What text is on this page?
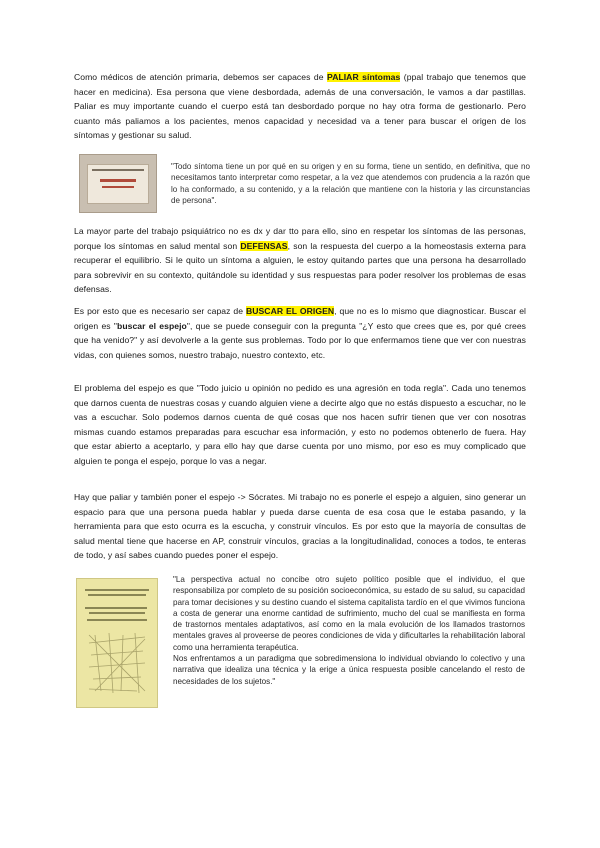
Como médicos de atención primaria, debemos ser capaces de PALIAR síntomas (ppal trabajo que tenemos que hacer en medicina). Esa persona que viene desbordada, además de una conversación, le vamos a dar pastillas. Paliar es muy importante cuando el cuerpo está tan desbordado porque no hay otra forma de gestionarlo. Pero cuanto más paliamos a los pacientes, menos capacidad y necesidad va a tener para buscar el origen de los síntomas y gestionar su salud.
"Todo síntoma tiene un por qué en su origen y en su forma, tiene un sentido, en definitiva, que no necesitamos tanto interpretar como respetar, a la vez que atendemos con prudencia a la razón que lo ha conformado, a su contenido, y a la relación que mantiene con la historia y las circunstancias de persona".
La mayor parte del trabajo psiquiátrico no es dx y dar tto para ello, sino en respetar los síntomas de las personas, porque los síntomas en salud mental son DEFENSAS, son la respuesta del cuerpo a la homeostasis externa para recuperar el equilibrio. Si le quito un síntoma a alguien, le estoy quitando partes que una persona ha desarrollado para sobrevivir en su contexto, quitándole su identidad y sus respuestas para poder resolver los problemas de esas defensas.
Es por esto que es necesario ser capaz de BUSCAR EL ORIGEN, que no es lo mismo que diagnosticar. Buscar el origen es "buscar el espejo", que se puede conseguir con la pregunta "¿Y esto que crees que es, por qué crees que ha venido?" y así devolverle a la gente sus problemas. Todo por lo que enfermamos tiene que ver con nuestras vidas, con quienes somos, nuestro trabajo, nuestro contexto, etc.
El problema del espejo es que "Todo juicio u opinión no pedido es una agresión en toda regla". Cada uno tenemos que darnos cuenta de nuestras cosas y cuando alguien viene a decirte algo que no estás dispuesto a escuchar, no le vas a escuchar. Solo podemos darnos cuenta de qué cosas que nos hacen sufrir tienen que ver con nosotras mismas cuando estamos preparadas para escuchar esa información, y esto no podemos obtenerlo de fuera. Hay que estar abierto a aceptarlo, y para ello hay que darse cuenta por uno mismo, por eso es muy complicado que alguien te ponga el espejo, porque lo vas a negar.
Hay que paliar y también poner el espejo -> Sócrates. Mi trabajo no es ponerle el espejo a alguien, sino generar un espacio para que una persona pueda hablar y pueda darse cuenta de esa cosa que le estaba pasando, y la herramienta para que esto ocurra es la escucha, y construir vínculos. Es por esto que la mayoría de consultas de salud mental tiene que hacerse en AP, construir vínculos, gracias a la longitudinalidad, conoces a todos, te enteras de todo, y así sabes cuando puedes poner el espejo.
"La perspectiva actual no concibe otro sujeto político posible que el individuo, el que responsabiliza por completo de su posición socioeconómica, su estado de su salud, su capacidad para tomar decisiones y su destino cuando el sistema capitalista tardío en el que vivimos funciona a costa de generar una enorme cantidad de sufrimiento, mucho del cual se manifiesta en forma de trastornos mentales adaptativos, así como en la mala evolución de los llamados trastornos mentales graves al proveerse de peores condiciones de vida y dificultarles la rehabilitación laboral como una herramienta terapéutica.
Nos enfrentamos a un paradigma que sobredimensiona lo individual obviando lo colectivo y una narrativa que idealiza una técnica y la erige a única respuesta posible cancelando el resto de necesidades de los sujetos."
